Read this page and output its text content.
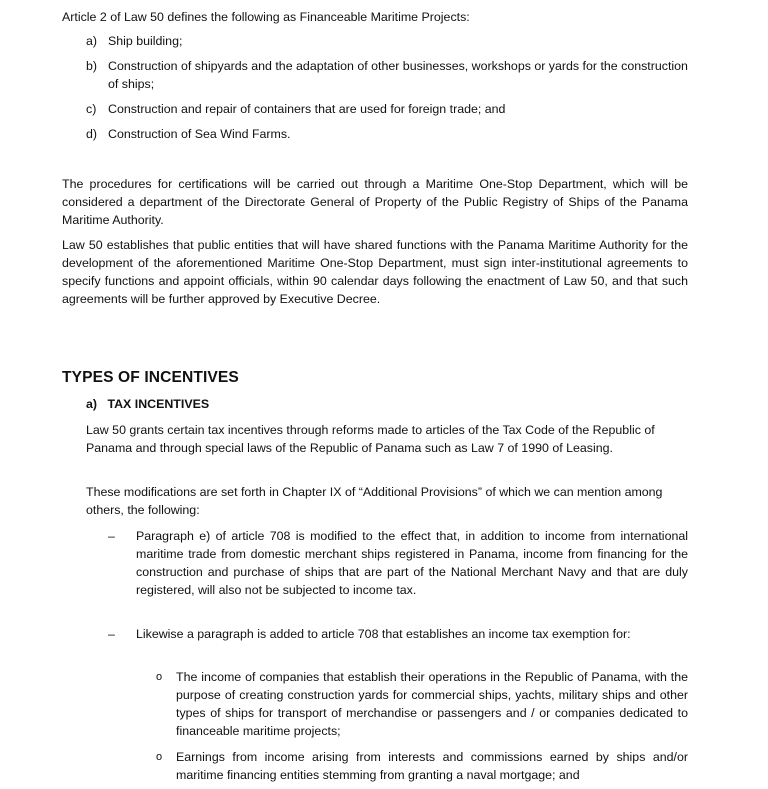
Article 2 of Law 50 defines the following as Financeable Maritime Projects:

a) Ship building;

b) Construction of shipyards and the adaptation of other businesses, workshops or yards for the construction of ships;

c) Construction and repair of containers that are used for foreign trade; and

d) Construction of Sea Wind Farms.

The procedures for certifications will be carried out through a Maritime One-Stop Department, which will be considered a department of the Directorate General of Property of the Public Registry of Ships of the Panama Maritime Authority.

Law 50 establishes that public entities that will have shared functions with the Panama Maritime Authority for the development of the aforementioned Maritime One-Stop Department, must sign inter-institutional agreements to specify functions and appoint officials, within 90 calendar days following the enactment of Law 50, and that such agreements will be further approved by Executive Decree.

TYPES OF INCENTIVES

a) TAX INCENTIVES

Law 50 grants certain tax incentives through reforms made to articles of the Tax Code of the Republic of Panama and through special laws of the Republic of Panama such as Law 7 of 1990 of Leasing.

These modifications are set forth in Chapter IX of “Additional Provisions” of which we can mention among others, the following:

– Paragraph e) of article 708 is modified to the effect that, in addition to income from international maritime trade from domestic merchant ships registered in Panama, income from financing for the construction and purchase of ships that are part of the National Merchant Navy and that are duly registered, will also not be subjected to income tax.

– Likewise a paragraph is added to article 708 that establishes an income tax exemption for:

o The income of companies that establish their operations in the Republic of Panama, with the purpose of creating construction yards for commercial ships, yachts, military ships and other types of ships for transport of merchandise or passengers and / or companies dedicated to financeable maritime projects;

o Earnings from income arising from interests and commissions earned by ships and/or maritime financing entities stemming from granting a naval mortgage; and
